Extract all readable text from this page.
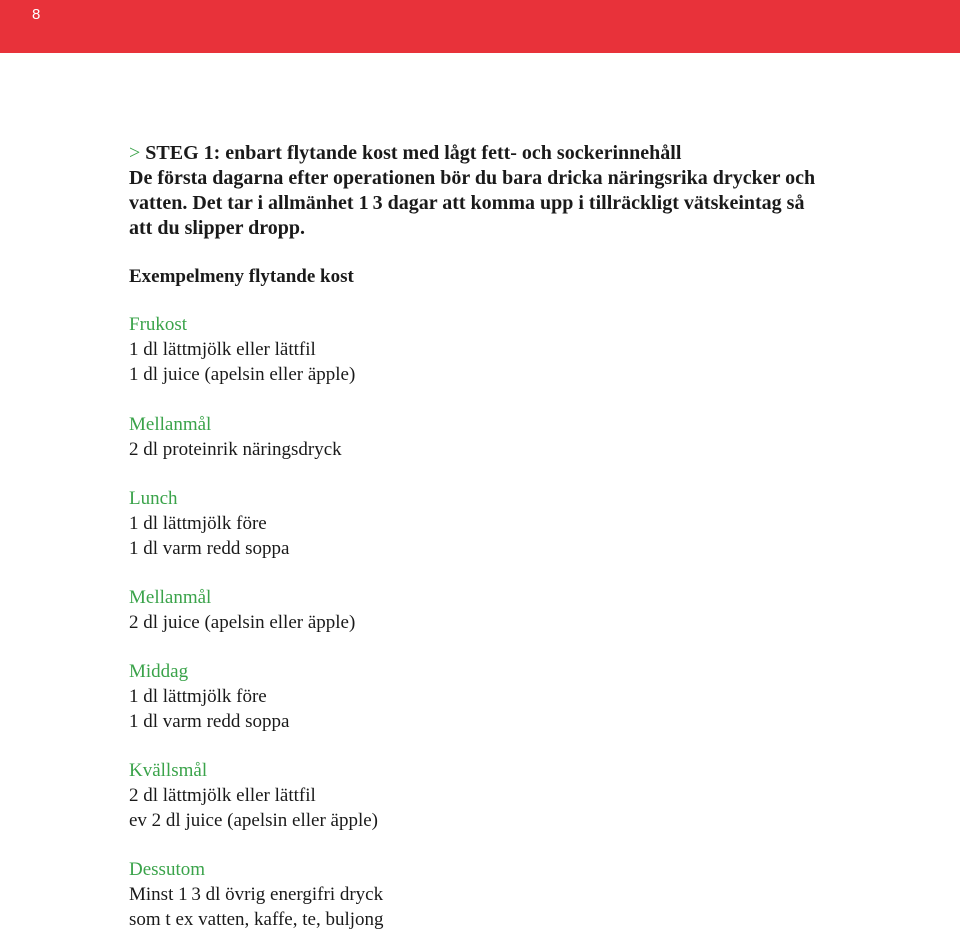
8
> STEG 1: enbart flytande kost med lågt fett- och sockerinnehåll
De första dagarna efter operationen bör du bara dricka näringsrika drycker och
vatten. Det tar i allmänhet 1 3 dagar att komma upp i tillräckligt vätskeintag så
att du slipper dropp.
Exempelmeny flytande kost
Frukost
1 dl lättmjölk eller lättfil
1 dl juice (apelsin eller äpple)
Mellanmål
2 dl proteinrik näringsdryck
Lunch
1 dl lättmjölk före
1 dl varm redd soppa
Mellanmål
2 dl juice (apelsin eller äpple)
Middag
1 dl lättmjölk före
1 dl varm redd soppa
Kvällsmål
2 dl lättmjölk eller lättfil
ev 2 dl juice (apelsin eller äpple)
Dessutom
Minst 1 3 dl övrig energifri dryck
som t ex vatten, kaffe, te, buljong
